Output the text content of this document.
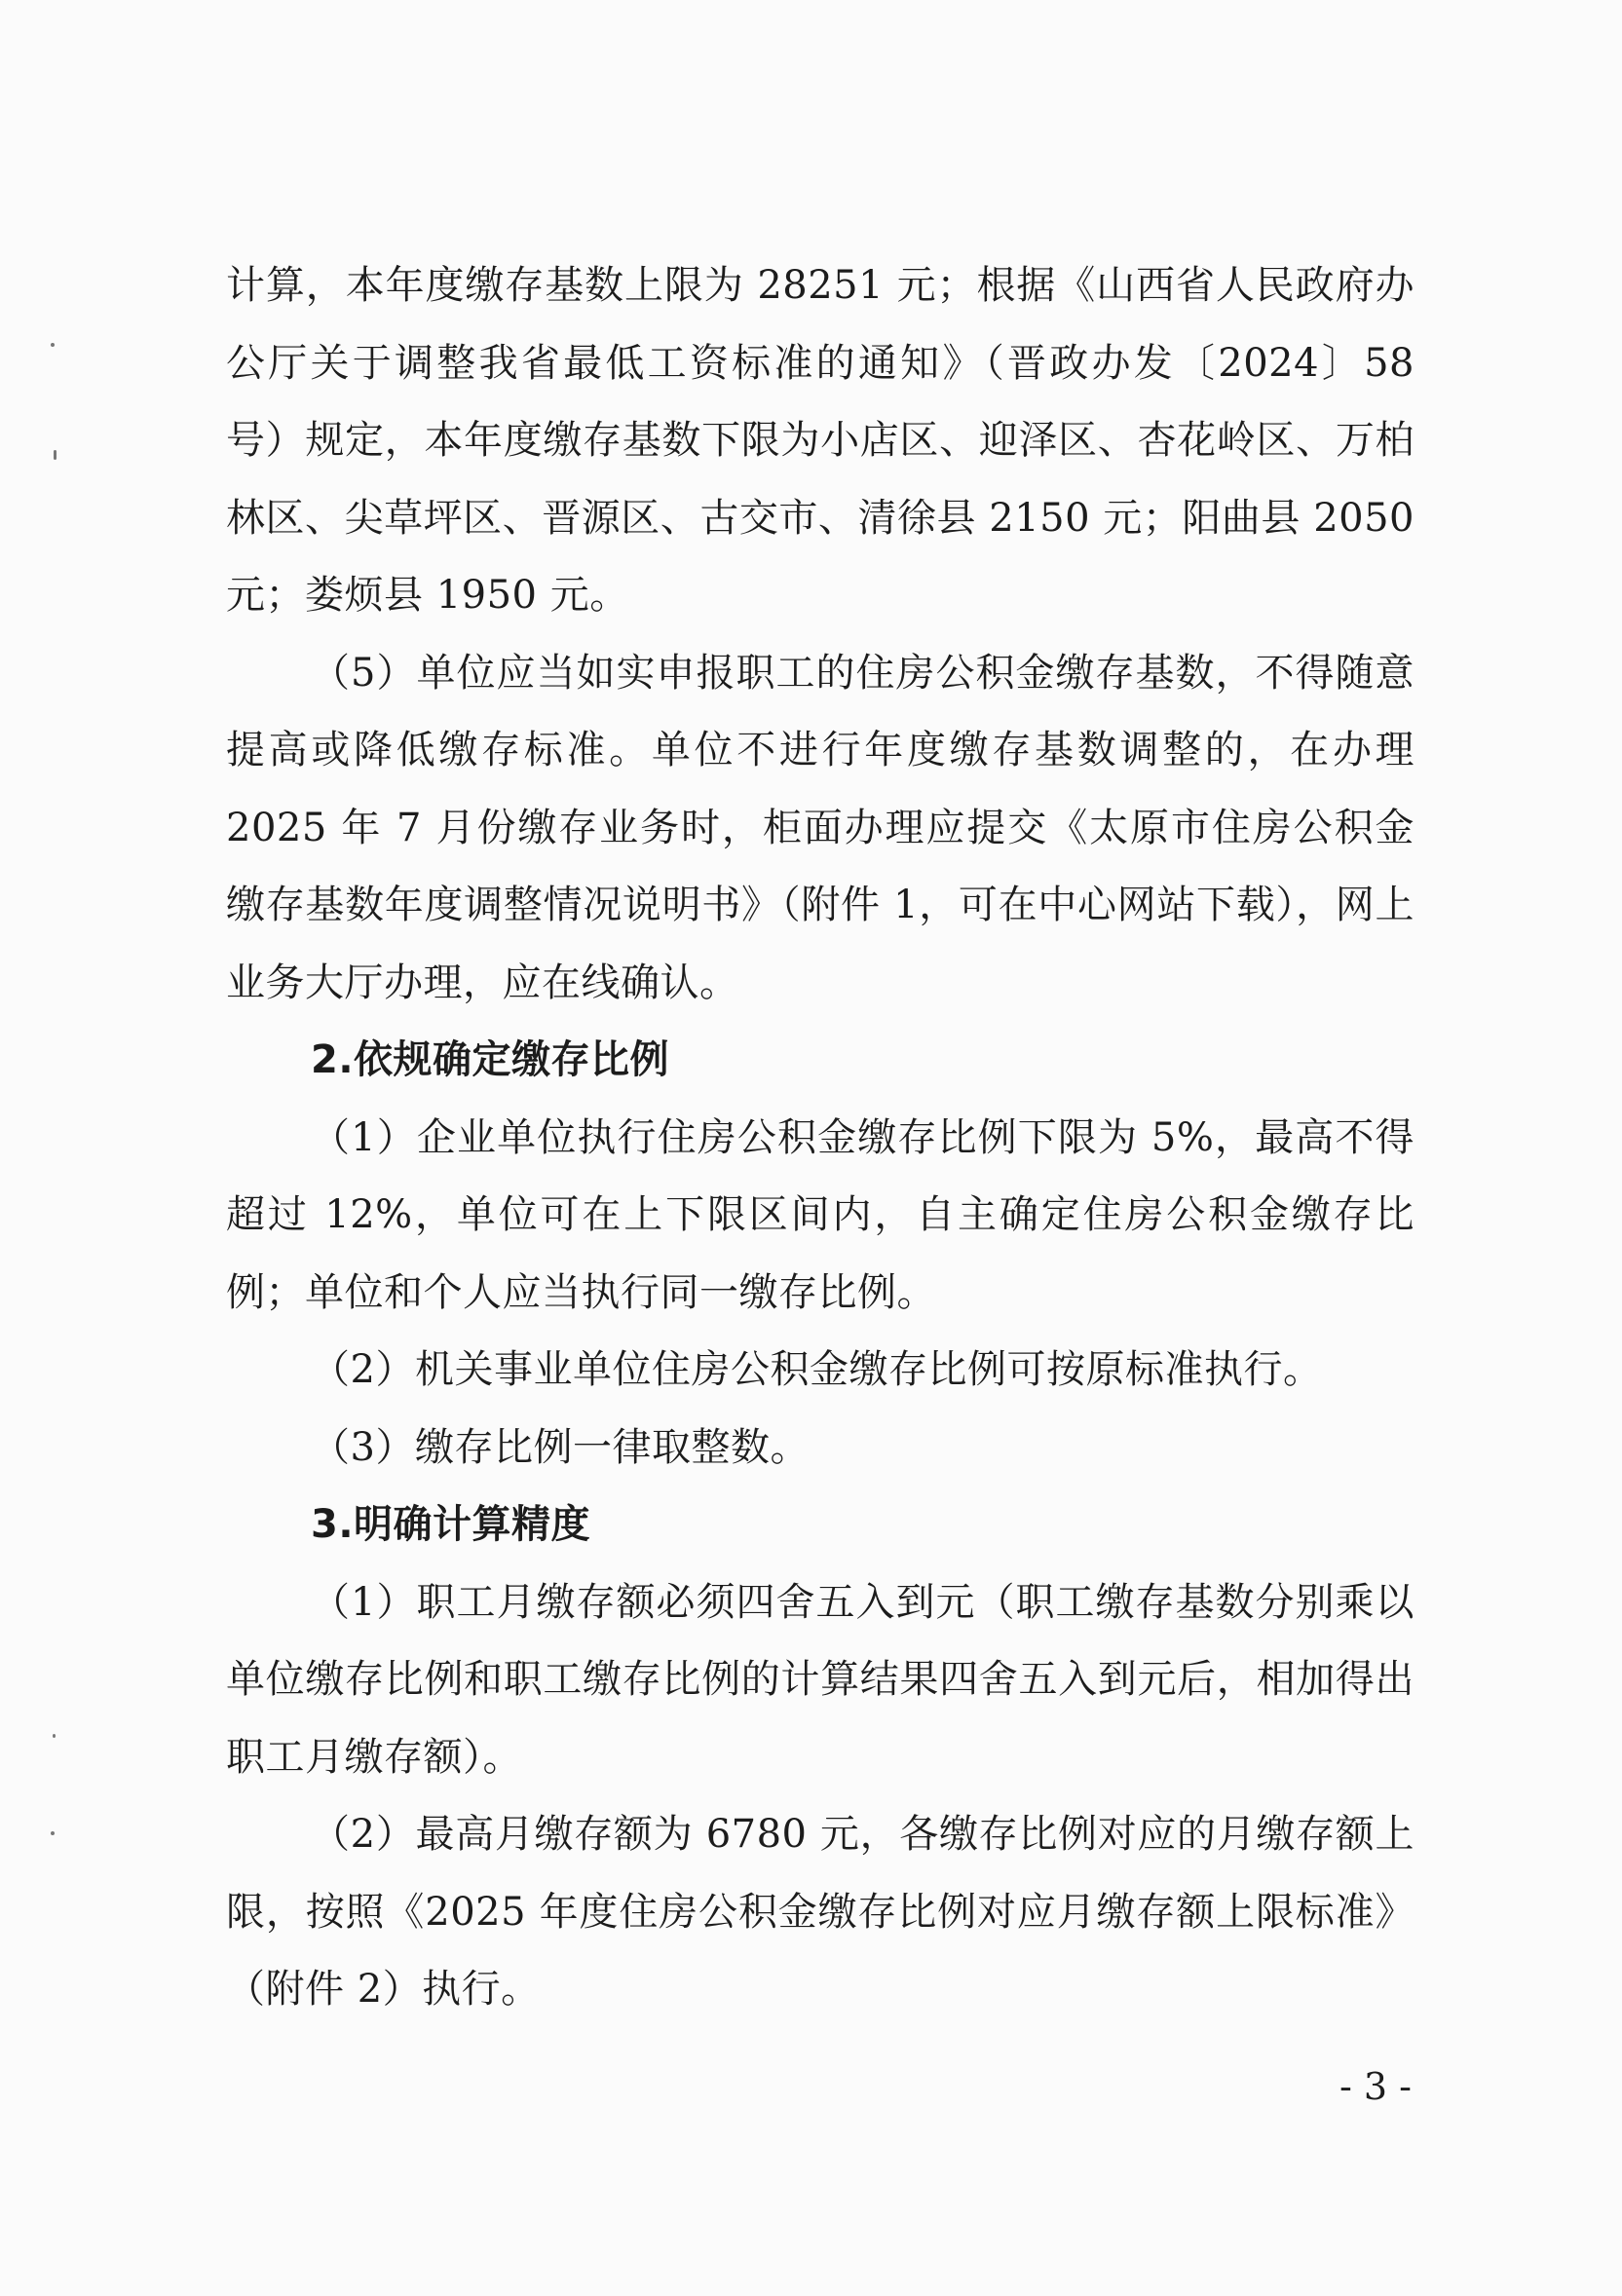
计算，本年度缴存基数上限为 28251 元；根据《山西省人民政府办公厅关于调整我省最低工资标准的通知》（晋政办发〔2024〕58 号）规定，本年度缴存基数下限为小店区、迎泽区、杏花岭区、万柏林区、尖草坪区、晋源区、古交市、清徐县 2150 元；阳曲县 2050 元；娄烦县 1950 元。

（5）单位应当如实申报职工的住房公积金缴存基数，不得随意提高或降低缴存标准。单位不进行年度缴存基数调整的，在办理 2025 年 7 月份缴存业务时，柜面办理应提交《太原市住房公积金缴存基数年度调整情况说明书》（附件 1，可在中心网站下载），网上业务大厅办理，应在线确认。

2.依规确定缴存比例

（1）企业单位执行住房公积金缴存比例下限为 5%，最高不得超过 12%，单位可在上下限区间内，自主确定住房公积金缴存比例；单位和个人应当执行同一缴存比例。

（2）机关事业单位住房公积金缴存比例可按原标准执行。

（3）缴存比例一律取整数。

3.明确计算精度

（1）职工月缴存额必须四舍五入到元（职工缴存基数分别乘以单位缴存比例和职工缴存比例的计算结果四舍五入到元后，相加得出职工月缴存额）。

（2）最高月缴存额为 6780 元，各缴存比例对应的月缴存额上限，按照《2025 年度住房公积金缴存比例对应月缴存额上限标准》（附件 2）执行。

- 3 -
